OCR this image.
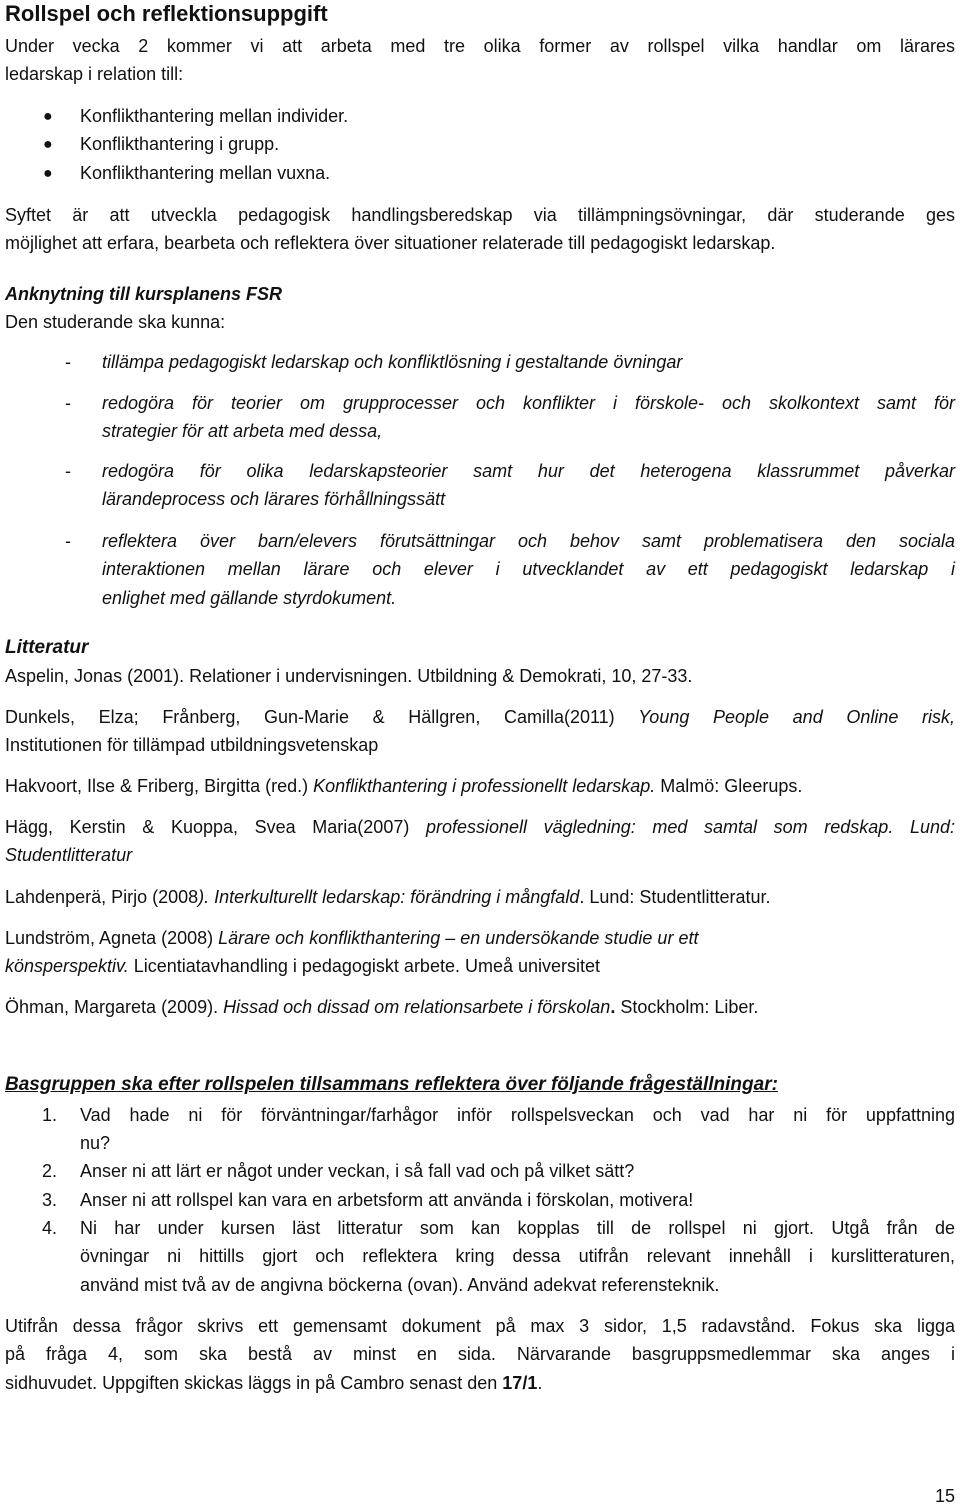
Rollspel och reflektionsuppgift
Under vecka 2 kommer vi att arbeta med tre olika former av rollspel vilka handlar om lärares
ledarskap i relation till:
● Konflikthantering mellan individer.
● Konflikthantering i grupp.
● Konflikthantering mellan vuxna.
Syftet är att utveckla pedagogisk handlingsberedskap via tillämpningsövningar, där studerande ges
möjlighet att erfara, bearbeta och reflektera över situationer relaterade till pedagogiskt ledarskap.
Anknytning till kursplanens FSR
Den studerande ska kunna:
- tillämpa pedagogiskt ledarskap och konfliktlösning i gestaltande övningar
- redogöra för teorier om grupprocesser och konflikter i förskole- och skolkontext samt för
strategier för att arbeta med dessa,
- redogöra för olika ledarskapsteorier samt hur det heterogena klassrummet påverkar
lärandeprocess och lärares förhållningssätt
- reflektera över barn/elevers förutsättningar och behov samt problematisera den sociala
interaktionen mellan lärare och elever i utvecklandet av ett pedagogiskt ledarskap i
enlighet med gällande styrdokument.
Litteratur
Aspelin, Jonas (2001). Relationer i undervisningen. Utbildning & Demokrati, 10, 27-33.
Dunkels, Elza; Frånberg, Gun-Marie & Hällgren, Camilla(2011) Young People and Online risk,
Institutionen för tillämpad utbildningsvetenskap
Hakvoort, Ilse & Friberg, Birgitta (red.) Konflikthantering i professionellt ledarskap. Malmö: Gleerups.
Hägg, Kerstin & Kuoppa, Svea Maria(2007) professionell vägledning: med samtal som redskap. Lund:
Studentlitteratur
Lahdenperä, Pirjo (2008). Interkulturellt ledarskap: förändring i mångfald. Lund: Studentlitteratur.
Lundström, Agneta (2008) Lärare och konflikthantering – en undersökande studie ur ett
könsperspektiv. Licentiatavhandling i pedagogiskt arbete. Umeå universitet
Öhman, Margareta (2009). Hissad och dissad om relationsarbete i förskolan. Stockholm: Liber.
Basgruppen ska efter rollspelen tillsammans reflektera över följande frågeställningar:
1. Vad hade ni för förväntningar/farhågor inför rollspelsveckan och vad har ni för uppfattning
nu?
2. Anser ni att lärt er något under veckan, i så fall vad och på vilket sätt?
3. Anser ni att rollspel kan vara en arbetsform att använda i förskolan, motivera!
4. Ni har under kursen läst litteratur som kan kopplas till de rollspel ni gjort. Utgå från de
övningar ni hittills gjort och reflektera kring dessa utifrån relevant innehåll i kurslitteraturen,
använd mist två av de angivna böckerna (ovan). Använd adekvat referensteknik.
Utifrån dessa frågor skrivs ett gemensamt dokument på max 3 sidor, 1,5 radavstånd. Fokus ska ligga
på fråga 4, som ska bestå av minst en sida. Närvarande basgruppsmedlemmar ska anges i
sidhuvudet. Uppgiften skickas läggs in på Cambro senast den 17/1.
15
